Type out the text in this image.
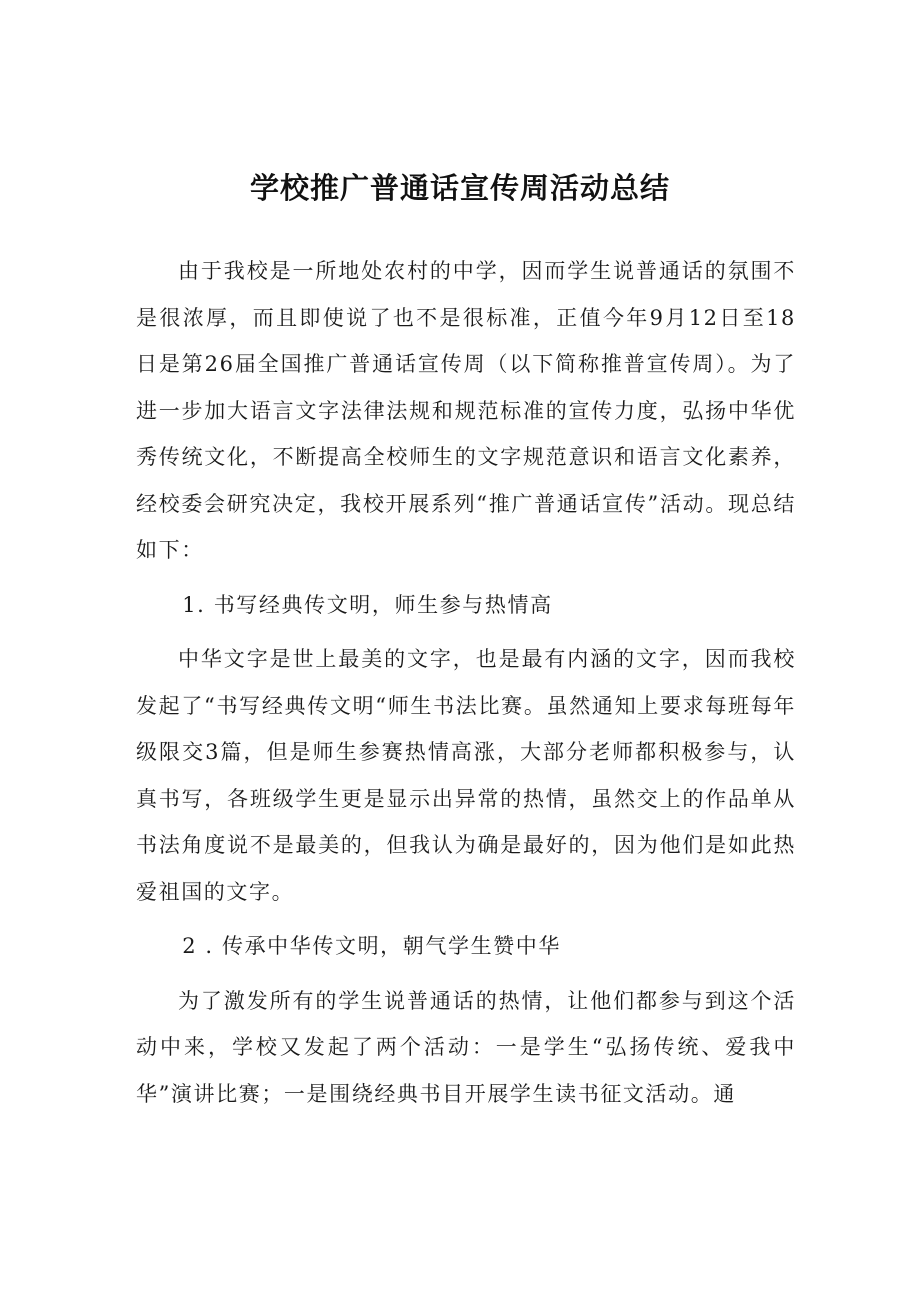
学校推广普通话宣传周活动总结

由于我校是一所地处农村的中学，因而学生说普通话的氛围不是很浓厚，而且即使说了也不是很标准，正值今年9月12日至18日是第26届全国推广普通话宣传周（以下简称推普宣传周）。为了进一步加大语言文字法律法规和规范标准的宣传力度，弘扬中华优秀传统文化，不断提高全校师生的文字规范意识和语言文化素养，经校委会研究决定，我校开展系列“推广普通话宣传”活动。现总结如下：

1. 书写经典传文明，师生参与热情高

中华文字是世上最美的文字，也是最有内涵的文字，因而我校发起了“书写经典传文明“师生书法比赛。虽然通知上要求每班每年级限交3篇，但是师生参赛热情高涨，大部分老师都积极参与，认真书写，各班级学生更是显示出异常的热情，虽然交上的作品单从书法角度说不是最美的，但我认为确是最好的，因为他们是如此热爱祖国的文字。

2 . 传承中华传文明，朝气学生赞中华

为了激发所有的学生说普通话的热情，让他们都参与到这个活动中来，学校又发起了两个活动：一是学生“弘扬传统、爱我中华”演讲比赛；一是围绕经典书目开展学生读书征文活动。通
